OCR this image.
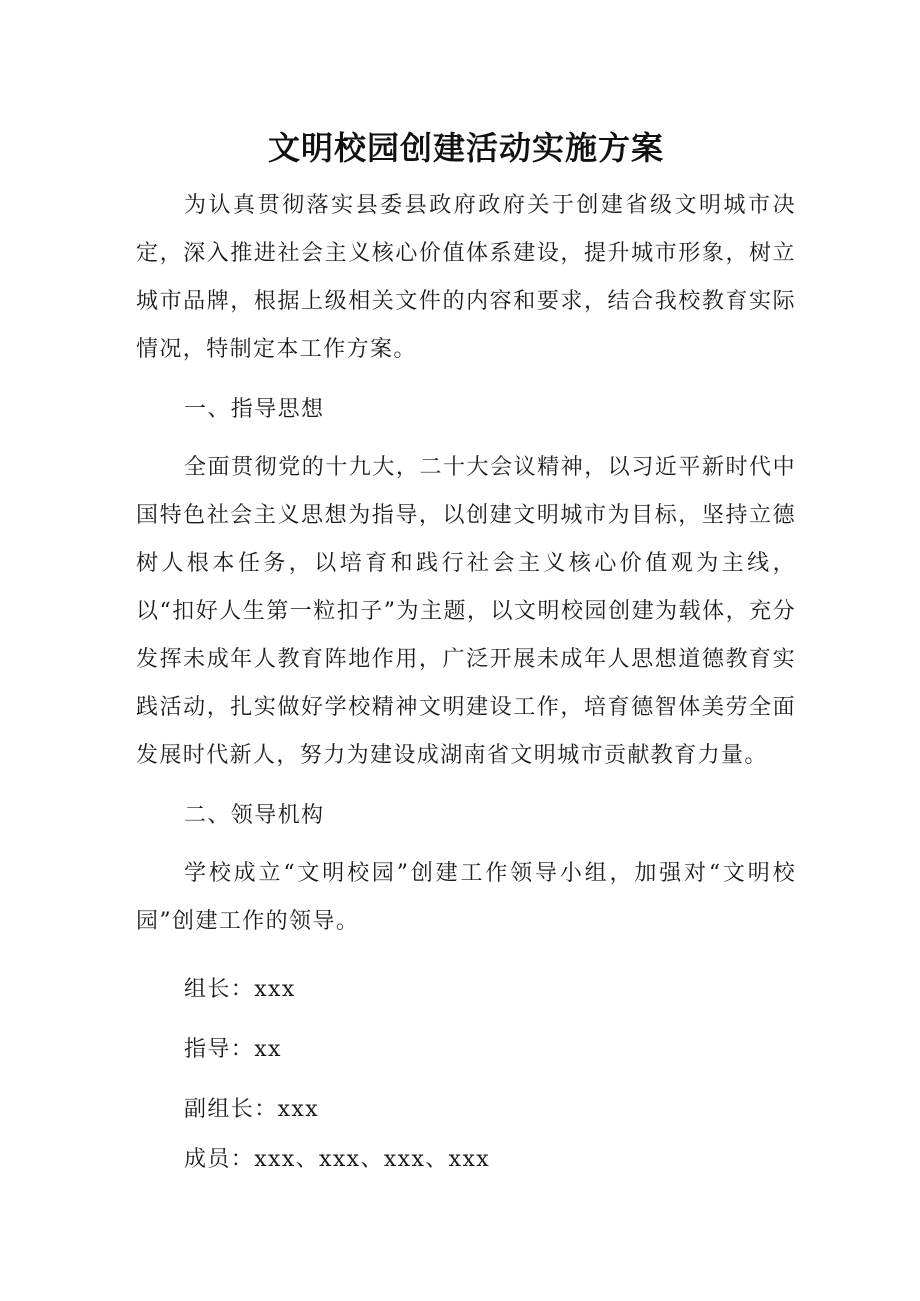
文明校园创建活动实施方案

为认真贯彻落实县委县政府政府关于创建省级文明城市决定，深入推进社会主义核心价值体系建设，提升城市形象，树立城市品牌，根据上级相关文件的内容和要求，结合我校教育实际情况，特制定本工作方案。

一、指导思想

全面贯彻党的十九大，二十大会议精神，以习近平新时代中国特色社会主义思想为指导，以创建文明城市为目标，坚持立德树人根本任务，以培育和践行社会主义核心价值观为主线，以“扣好人生第一粒扣子”为主题，以文明校园创建为载体，充分发挥未成年人教育阵地作用，广泛开展未成年人思想道德教育实践活动，扎实做好学校精神文明建设工作，培育德智体美劳全面发展时代新人，努力为建设成湖南省文明城市贡献教育力量。

二、领导机构

学校成立“文明校园”创建工作领导小组，加强对“文明校园”创建工作的领导。

组长：xxx

指导：xx

副组长：xxx

成员：xxx、xxx、xxx、xxx
